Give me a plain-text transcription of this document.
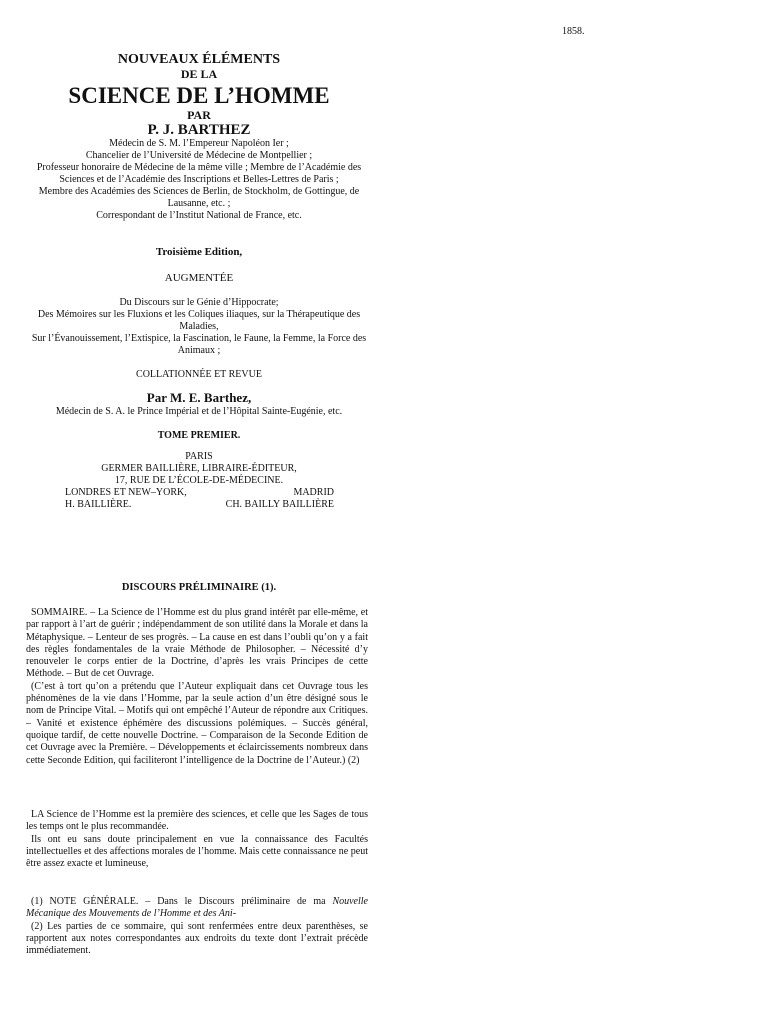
1858.
NOUVEAUX ÉLÉMENTS
DE LA
SCIENCE DE L’HOMME
PAR
P. J. BARTHEZ
Médecin de S. M. l’Empereur Napoléon Ier ;
Chancelier de l’Université de Médecine de Montpellier ;
Professeur honoraire de Médecine de la même ville ; Membre de l’Académie des Sciences et de l’Académie des Inscriptions et Belles-Lettres de Paris ;
Membre des Académies des Sciences de Berlin, de Stockholm, de Gottingue, de Lausanne, etc. ;
Correspondant de l’Institut National de France, etc.
Troisième Edition,
AUGMENTÉE
Du Discours sur le Génie d’Hippocrate;
Des Mémoires sur les Fluxions et les Coliques iliaques, sur la Thérapeutique des Maladies,
Sur l’Évanouissement, l’Extispice, la Fascination, le Faune, la Femme, la Force des Animaux ;
COLLATIONNÉE ET REVUE
Par M. E. Barthez,
Médecin de S. A. le Prince Impérial et de l’Hôpital Sainte-Eugénie, etc.
TOME PREMIER.
PARIS
GERMER BAILLIÈRE, LIBRAIRE-ÉDITEUR,
17, RUE DE L’ÉCOLE-DE-MÉDECINE.
LONDRES ET NEW–YORK,	MADRID
H. BAILLIÈRE.	CH. BAILLY BAILLIÈRE
DISCOURS PRÉLIMINAIRE (1).

SOMMAIRE. – La Science de l’Homme est du plus grand intérêt par elle-même, et par rapport à l’art de guérir ; indépendamment de son utilité dans la Morale et dans la Métaphysique. – Lenteur de ses progrès. – La cause en est dans l’oubli qu’on y a fait des règles fondamentales de la vraie Méthode de Philosopher. – Nécessité d’y renouveler le corps entier de la Doctrine, d’après les vrais Principes de cette Méthode. – But de cet Ouvrage.

(C’est à tort qu’on a prétendu que l’Auteur expliquait dans cet Ouvrage tous les phénomènes de la vie dans l’Homme, par la seule action d’un être désigné sous le nom de Principe Vital. – Motifs qui ont empêché l’Auteur de répondre aux Critiques. – Vanité et existence éphémère des discussions polémiques. – Succès général, quoique tardif, de cette nouvelle Doctrine. – Comparaison de la Seconde Edition de cet Ouvrage avec la Première. – Développements et éclaircissements nombreux dans cette Seconde Edition, qui faciliteront l’intelligence de la Doctrine de l’Auteur.) (2)

LA Science de l’Homme est la première des sciences, et celle que les Sages de tous les temps ont le plus recommandée.

Ils ont eu sans doute principalement en vue la connaissance des Facultés intellectuelles et des affections morales de l’homme. Mais cette connaissance ne peut être assez exacte et lumineuse,

(1) NOTE GÉNÉRALE. – Dans le Discours préliminaire de ma Nouvelle Mécanique des Mouvements de l’Homme et des Ani-

(2) Les parties de ce sommaire, qui sont renfermées entre deux parenthèses, se rapportent aux notes correspondantes aux endroits du texte dont l’extrait précède immédiatement.
